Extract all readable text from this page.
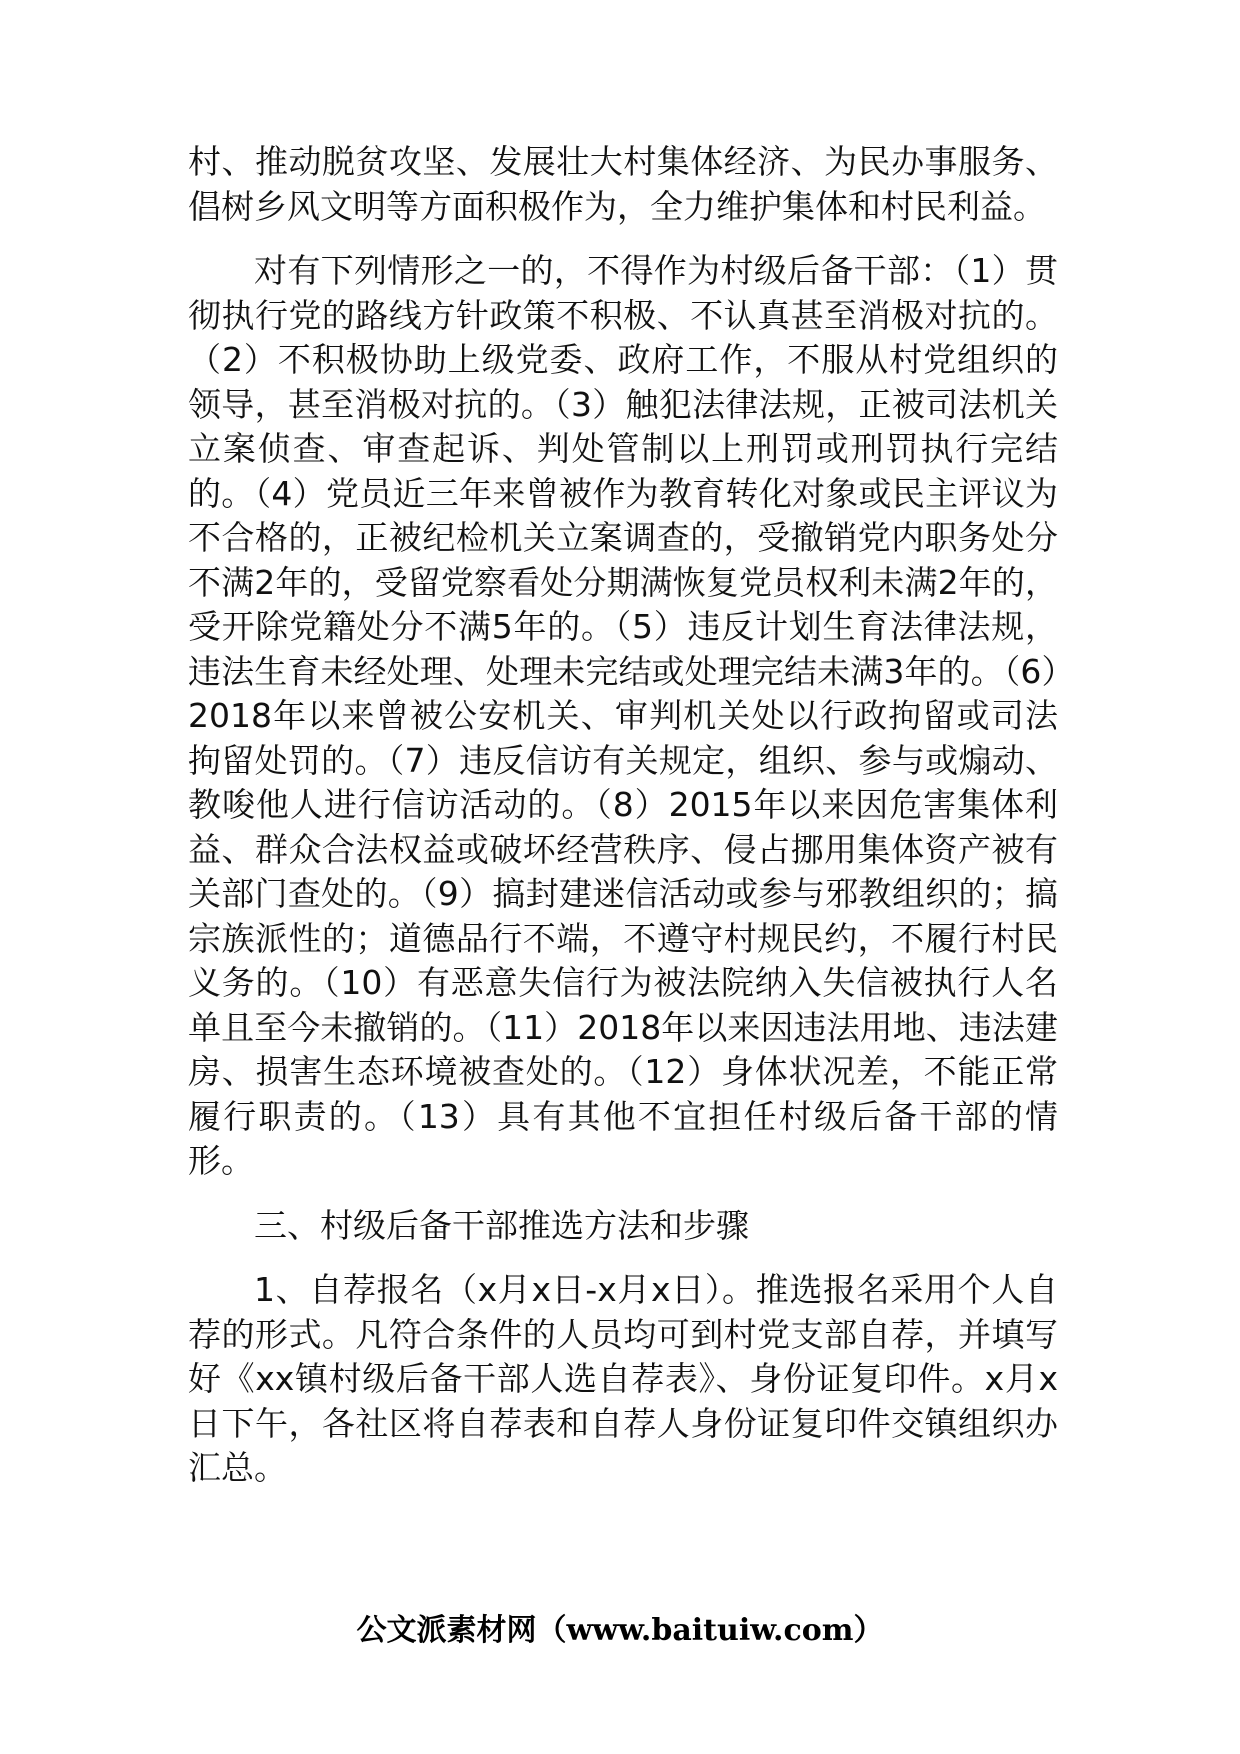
村、推动脱贫攻坚、发展壮大村集体经济、为民办事服务、倡树乡风文明等方面积极作为，全力维护集体和村民利益。

对有下列情形之一的，不得作为村级后备干部：（1）贯彻执行党的路线方针政策不积极、不认真甚至消极对抗的。（2）不积极协助上级党委、政府工作，不服从村党组织的领导，甚至消极对抗的。（3）触犯法律法规，正被司法机关立案侦查、审查起诉、判处管制以上刑罚或刑罚执行完结的。（4）党员近三年来曾被作为教育转化对象或民主评议为不合格的，正被纪检机关立案调查的，受撤销党内职务处分不满2年的，受留党察看处分期满恢复党员权利未满2年的，受开除党籍处分不满5年的。（5）违反计划生育法律法规，违法生育未经处理、处理未完结或处理完结未满3年的。（6）2018年以来曾被公安机关、审判机关处以行政拘留或司法拘留处罚的。（7）违反信访有关规定，组织、参与或煽动、教唆他人进行信访活动的。（8）2015年以来因危害集体利益、群众合法权益或破坏经营秩序、侵占挪用集体资产被有关部门查处的。（9）搞封建迷信活动或参与邪教组织的；搞宗族派性的；道德品行不端，不遵守村规民约，不履行村民义务的。（10）有恶意失信行为被法院纳入失信被执行人名单且至今未撤销的。（11）2018年以来因违法用地、违法建房、损害生态环境被查处的。（12）身体状况差，不能正常履行职责的。（13）具有其他不宜担任村级后备干部的情形。

三、村级后备干部推选方法和步骤

1、自荐报名（x月x日-x月x日）。推选报名采用个人自荐的形式。凡符合条件的人员均可到村党支部自荐，并填写好《xx镇村级后备干部人选自荐表》、身份证复印件。x月x日下午，各社区将自荐表和自荐人身份证复印件交镇组织办汇总。

公文派素材网（www.baituiw.com）
